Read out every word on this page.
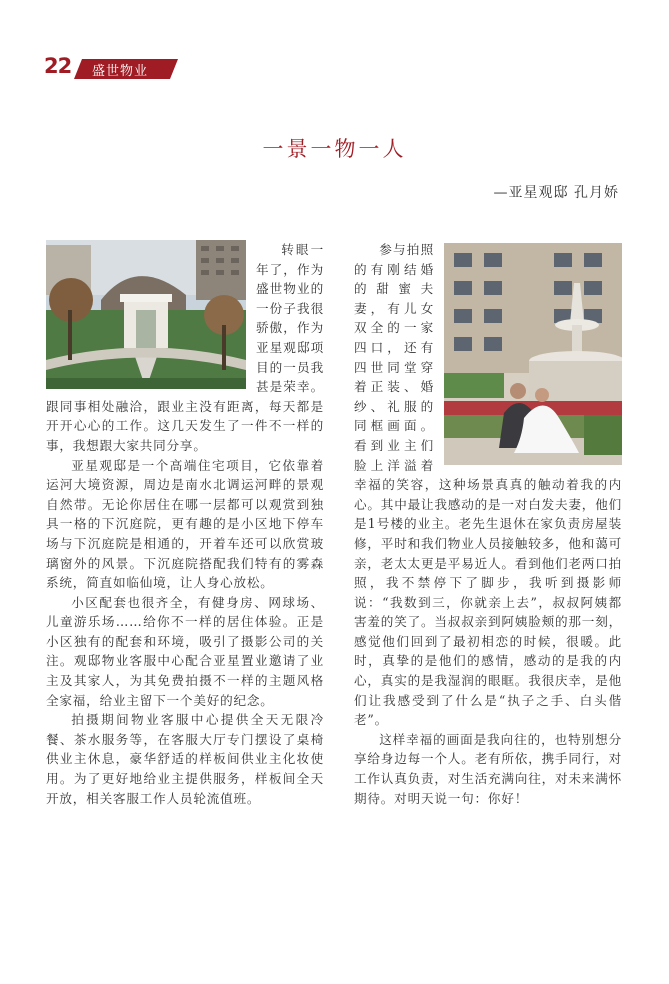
22 盛世物业
一景一物一人
—亚星观邸 孔月娇

转眼一年了，作为盛世物业的一份子我很骄傲，作为亚星观邸项目的一员我甚是荣幸。跟同事相处融洽，跟业主没有距离，每天都是开开心心的工作。这几天发生了一件不一样的事，我想跟大家共同分享。

亚星观邸是一个高端住宅项目，它依靠着运河大境资源，周边是南水北调运河畔的景观自然带。无论你居住在哪一层都可以观赏到独具一格的下沉庭院，更有趣的是小区地下停车场与下沉庭院是相通的，开着车还可以欣赏玻璃窗外的风景。下沉庭院搭配我们特有的雾森系统，简直如临仙境，让人身心放松。

小区配套也很齐全，有健身房、网球场、儿童游乐场……给你不一样的居住体验。正是小区独有的配套和环境，吸引了摄影公司的关注。观邸物业客服中心配合亚星置业邀请了业主及其家人，为其免费拍摄不一样的主题风格全家福，给业主留下一个美好的纪念。

拍摄期间物业客服中心提供全天无限冷餐、茶水服务等，在客服大厅专门摆设了桌椅供业主休息，豪华舒适的样板间供业主化妆使用。为了更好地给业主提供服务，样板间全天开放，相关客服工作人员轮流值班。

参与拍照的有刚结婚的甜蜜夫妻，有儿女双全的一家四口，还有四世同堂穿着正装、婚纱、礼服的同框画面。看到业主们脸上洋溢着幸福的笑容，这种场景真真的触动着我的内心。其中最让我感动的是一对白发夫妻，他们是1号楼的业主。老先生退休在家负责房屋装修，平时和我们物业人员接触较多，他和蔼可亲，老太太更是平易近人。看到他们老两口拍照，我不禁停下了脚步，我听到摄影师说：“我数到三，你就亲上去”，叔叔阿姨都害羞的笑了。当叔叔亲到阿姨脸颊的那一刻，感觉他们回到了最初相恋的时候，很暖。此时，真挚的是他们的感情，感动的是我的内心，真实的是我湿润的眼眶。我很庆幸，是他们让我感受到了什么是“执子之手、白头偕老”。

这样幸福的画面是我向往的，也特别想分享给身边每一个人。老有所依，携手同行，对工作认真负责，对生活充满向往，对未来满怀期待。对明天说一句：你好！
